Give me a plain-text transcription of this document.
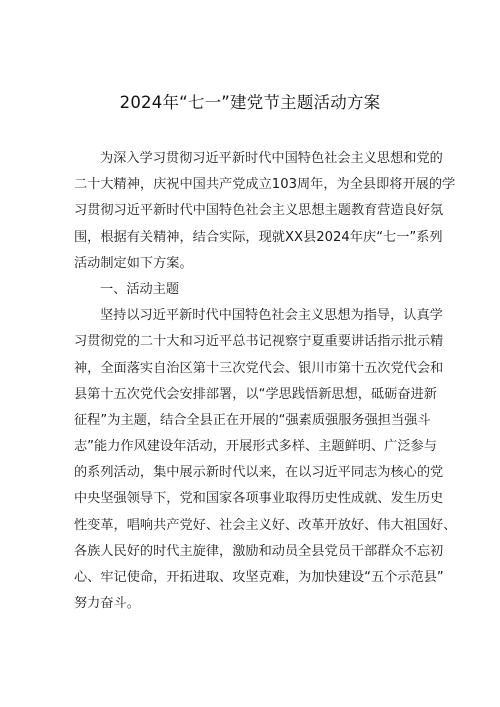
2024年“七一”建党节主题活动方案
为深入学习贯彻习近平新时代中国特色社会主义思想和党的
二十大精神，庆祝中国共产党成立103周年，为全县即将开展的学
习贯彻习近平新时代中国特色社会主义思想主题教育营造良好氛
围，根据有关精神，结合实际，现就XX县2024年庆“七一”系列
活动制定如下方案。
一、活动主题
坚持以习近平新时代中国特色社会主义思想为指导，认真学
习贯彻党的二十大和习近平总书记视察宁夏重要讲话指示批示精
神，全面落实自治区第十三次党代会、银川市第十五次党代会和
县第十五次党代会安排部署，以“学思践悟新思想，砥砺奋进新
征程”为主题，结合全县正在开展的“强素质强服务强担当强斗
志”能力作风建设年活动，开展形式多样、主题鲜明、广泛参与
的系列活动，集中展示新时代以来，在以习近平同志为核心的党
中央坚强领导下，党和国家各项事业取得历史性成就、发生历史
性变革，唱响共产党好、社会主义好、改革开放好、伟大祖国好、
各族人民好的时代主旋律，激励和动员全县党员干部群众不忘初
心、牢记使命，开拓进取、攻坚克难，为加快建设“五个示范县”
努力奋斗。
